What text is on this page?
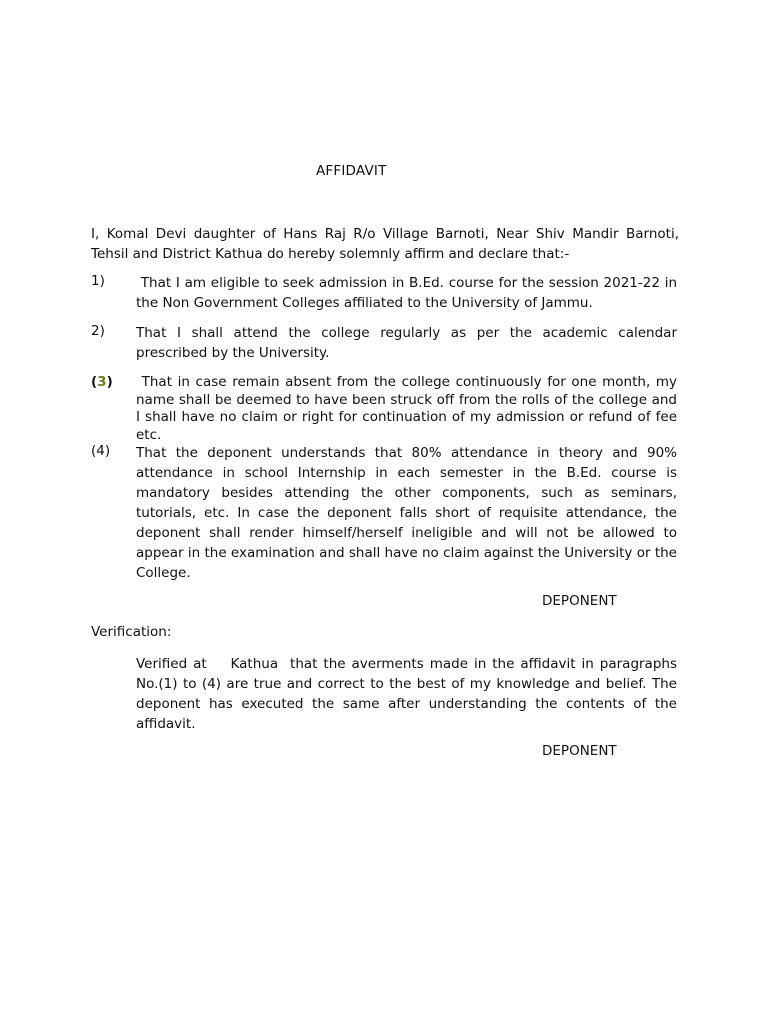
AFFIDAVIT
I, Komal Devi daughter of Hans Raj R/o Village Barnoti, Near Shiv Mandir Barnoti, Tehsil and District Kathua do hereby solemnly affirm and declare that:-
1) That I am eligible to seek admission in B.Ed. course for the session 2021-22 in the Non Government Colleges affiliated to the University of Jammu.
2) That I shall attend the college regularly as per the academic calendar prescribed by the University.
(3) That in case remain absent from the college continuously for one month, my name shall be deemed to have been struck off from the rolls of the college and I shall have no claim or right for continuation of my admission or refund of fee etc.
(4) That the deponent understands that 80% attendance in theory and 90% attendance in school Internship in each semester in the B.Ed. course is mandatory besides attending the other components, such as seminars, tutorials, etc. In case the deponent falls short of requisite attendance, the deponent shall render himself/herself ineligible and will not be allowed to appear in the examination and shall have no claim against the University or the College.
DEPONENT
Verification:
Verified at    Kathua  that the averments made in the affidavit in paragraphs No.(1) to (4) are true and correct to the best of my knowledge and belief. The deponent has executed the same after understanding the contents of the affidavit.
DEPONENT
